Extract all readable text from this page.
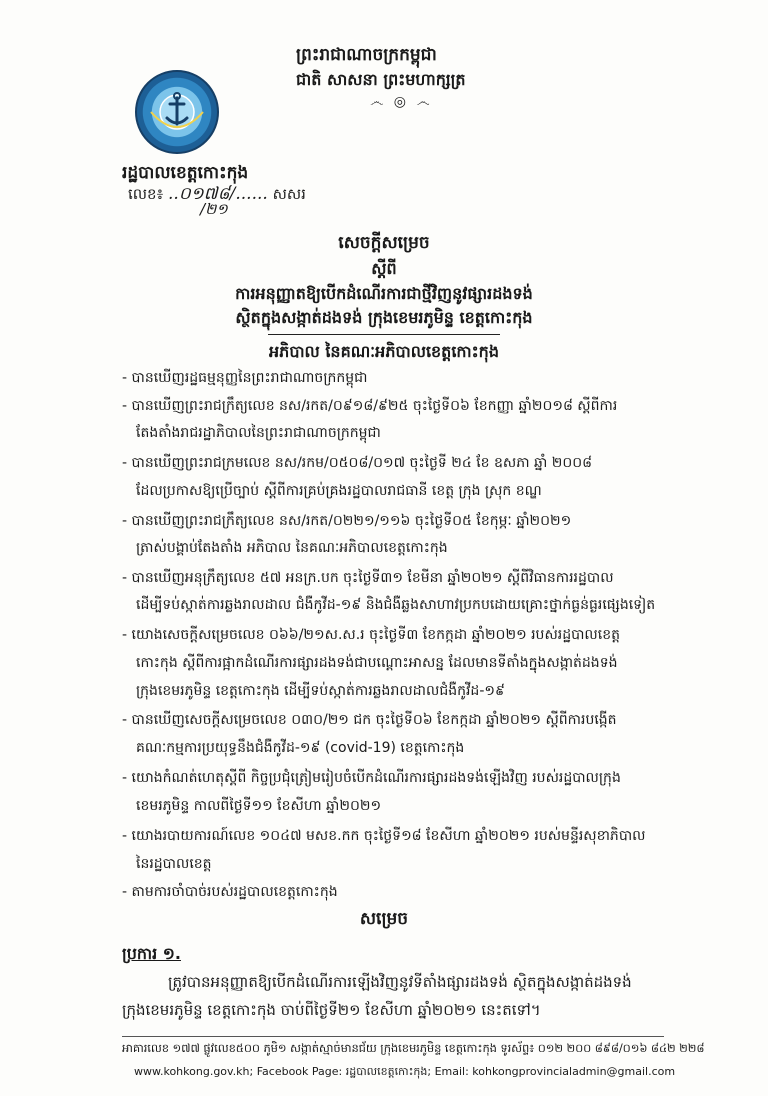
ព្រះរាជាណាចក្រកម្ពុជា
ជាតិ សាសនា ព្រះមហាក្សត្រ
෴ ◎ ෴
រដ្ឋបាលខេត្តកោះកុង
លេខ៖ ..០១៧៨/...... សសរ
/២១
សេចក្តីសម្រេច
ស្តីពី
ការអនុញ្ញាតឱ្យបើកដំណើរការជាថ្មីវិញនូវផ្សារដងទង់
ស្ថិតក្នុងសង្កាត់ដងទង់ ក្រុងខេមរភូមិន្ទ ខេត្តកោះកុង
អភិបាល នៃគណៈអភិបាលខេត្តកោះកុង
- បានឃើញរដ្ឋធម្មនុញ្ញនៃព្រះរាជាណាចក្រកម្ពុជា
- បានឃើញព្រះរាជក្រឹត្យលេខ នស/រកត/០៩១៨/៩២៥ ចុះថ្ងៃទី០៦ ខែកញ្ញា ឆ្នាំ២០១៨ ស្តីពីការ
តែងតាំងរាជរដ្ឋាភិបាលនៃព្រះរាជាណាចក្រកម្ពុជា
- បានឃើញព្រះរាជក្រមលេខ នស/រកម/០៥០៨/០១៧ ចុះថ្ងៃទី ២៤ ខែ ឧសភា ឆ្នាំ ២០០៨
ដែលប្រកាសឱ្យប្រើច្បាប់ ស្តីពីការគ្រប់គ្រងរដ្ឋបាលរាជធានី ខេត្ត ក្រុង ស្រុក ខណ្ឌ
- បានឃើញព្រះរាជក្រឹត្យលេខ នស/រកត/០២២១/១១៦ ចុះថ្ងៃទី០៥ ខែកុម្ភៈ ឆ្នាំ២០២១
ត្រាស់បង្គាប់តែងតាំង អភិបាល នៃគណៈអភិបាលខេត្តកោះកុង
- បានឃើញអនុក្រឹត្យលេខ ៥៧ អនក្រ.បក ចុះថ្ងៃទី៣១ ខែមីនា ឆ្នាំ២០២១ ស្តីពីវិធានការរដ្ឋបាល
ដើម្បីទប់ស្កាត់ការឆ្លងរាលដាល ជំងឺកូវីដ-១៩ និងជំងឺឆ្លងសាហាវប្រកបដោយគ្រោះថ្នាក់ធ្ងន់ធ្ងរផ្សេងទៀត
- យោងសេចក្តីសម្រេចលេខ ០៦៦/២១ស.ស.រ ចុះថ្ងៃទី៣ ខែកក្កដា ឆ្នាំ២០២១ របស់រដ្ឋបាលខេត្ត
កោះកុង ស្តីពីការផ្អាកដំណើរការផ្សារដងទង់ជាបណ្តោះអាសន្ន ដែលមានទីតាំងក្នុងសង្កាត់ដងទង់
ក្រុងខេមរភូមិន្ទ ខេត្តកោះកុង ដើម្បីទប់ស្កាត់ការឆ្លងរាលដាលជំងឺកូវីដ-១៩
- បានឃើញសេចក្តីសម្រេចលេខ ០៣០/២១ ជក ចុះថ្ងៃទី០៦ ខែកក្កដា ឆ្នាំ២០២១ ស្តីពីការបង្កើត
គណៈកម្មការប្រយុទ្ធនឹងជំងឺកូវីដ-១៩ (covid-19) ខេត្តកោះកុង
- យោងកំណត់ហេតុស្តីពី កិច្ចប្រជុំត្រៀមរៀបចំបើកដំណើរការផ្សារដងទង់ឡើងវិញ របស់រដ្ឋបាលក្រុង
ខេមរភូមិន្ទ កាលពីថ្ងៃទី១១ ខែសីហា ឆ្នាំ២០២១
- យោងរបាយការណ៍លេខ ១០៤៧ មសខ.កក ចុះថ្ងៃទី១៨ ខែសីហា ឆ្នាំ២០២១ របស់មន្ទីរសុខាភិបាល
នៃរដ្ឋបាលខេត្ត
- តាមការចាំបាច់របស់រដ្ឋបាលខេត្តកោះកុង
សម្រេច
ប្រការ ១.
ត្រូវបានអនុញ្ញាតឱ្យបើកដំណើរការឡើងវិញនូវទីតាំងផ្សារដងទង់ ស្ថិតក្នុងសង្កាត់ដងទង់
ក្រុងខេមរភូមិន្ទ ខេត្តកោះកុង ចាប់ពីថ្ងៃទី២១ ខែសីហា ឆ្នាំ២០២១ នេះតទៅ។
អាគារលេខ ១៧៧ ផ្លូវលេខ៥០០ ភូមិ១ សង្កាត់ស្មាច់មានជ័យ ក្រុងខេមរភូមិន្ទ ខេត្តកោះកុង ទូរស័ព្ទ៖ ០១២ ២០០ ៨៩៨/០១៦ ៨៤២ ២២៨
www.kohkong.gov.kh; Facebook Page: រដ្ឋបាលខេត្តកោះកុង; Email: kohkongprovincialadmin@gmail.com
